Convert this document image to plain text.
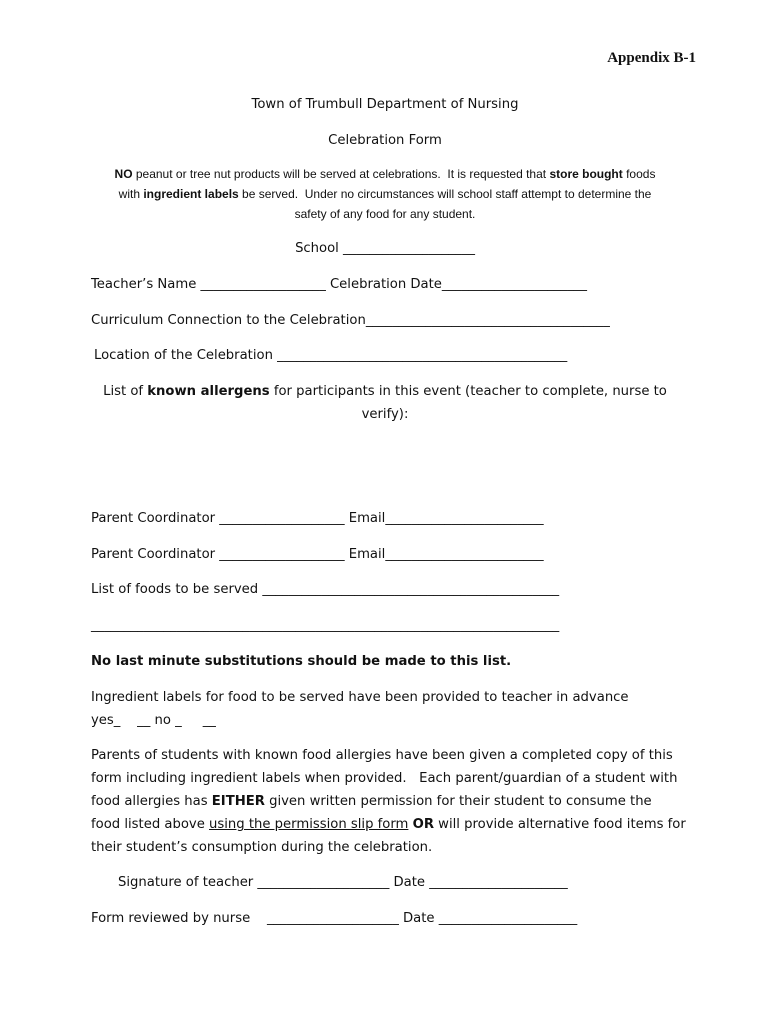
Appendix B-1
Town of Trumbull Department of Nursing
Celebration Form
NO peanut or tree nut products will be served at celebrations.  It is requested that store bought foods
with ingredient labels be served.  Under no circumstances will school staff attempt to determine the
safety of any food for any student.
School ____________________
Teacher’s Name ___________________ Celebration Date______________________
Curriculum Connection to the Celebration_____________________________________
Location of the Celebration ____________________________________________
List of known allergens for participants in this event (teacher to complete, nurse to
verify):
Parent Coordinator ___________________ Email________________________
Parent Coordinator ___________________ Email________________________
List of foods to be served _____________________________________________
_______________________________________________________________________
No last minute substitutions should be made to this list.
Ingredient labels for food to be served have been provided to teacher in advance
yes_    __ no _     __
Parents of students with known food allergies have been given a completed copy of this
form including ingredient labels when provided.   Each parent/guardian of a student with
food allergies has EITHER given written permission for their student to consume the
food listed above using the permission slip form OR will provide alternative food items for
their student’s consumption during the celebration.
Signature of teacher ____________________ Date _____________________
Form reviewed by nurse    ____________________ Date _____________________
